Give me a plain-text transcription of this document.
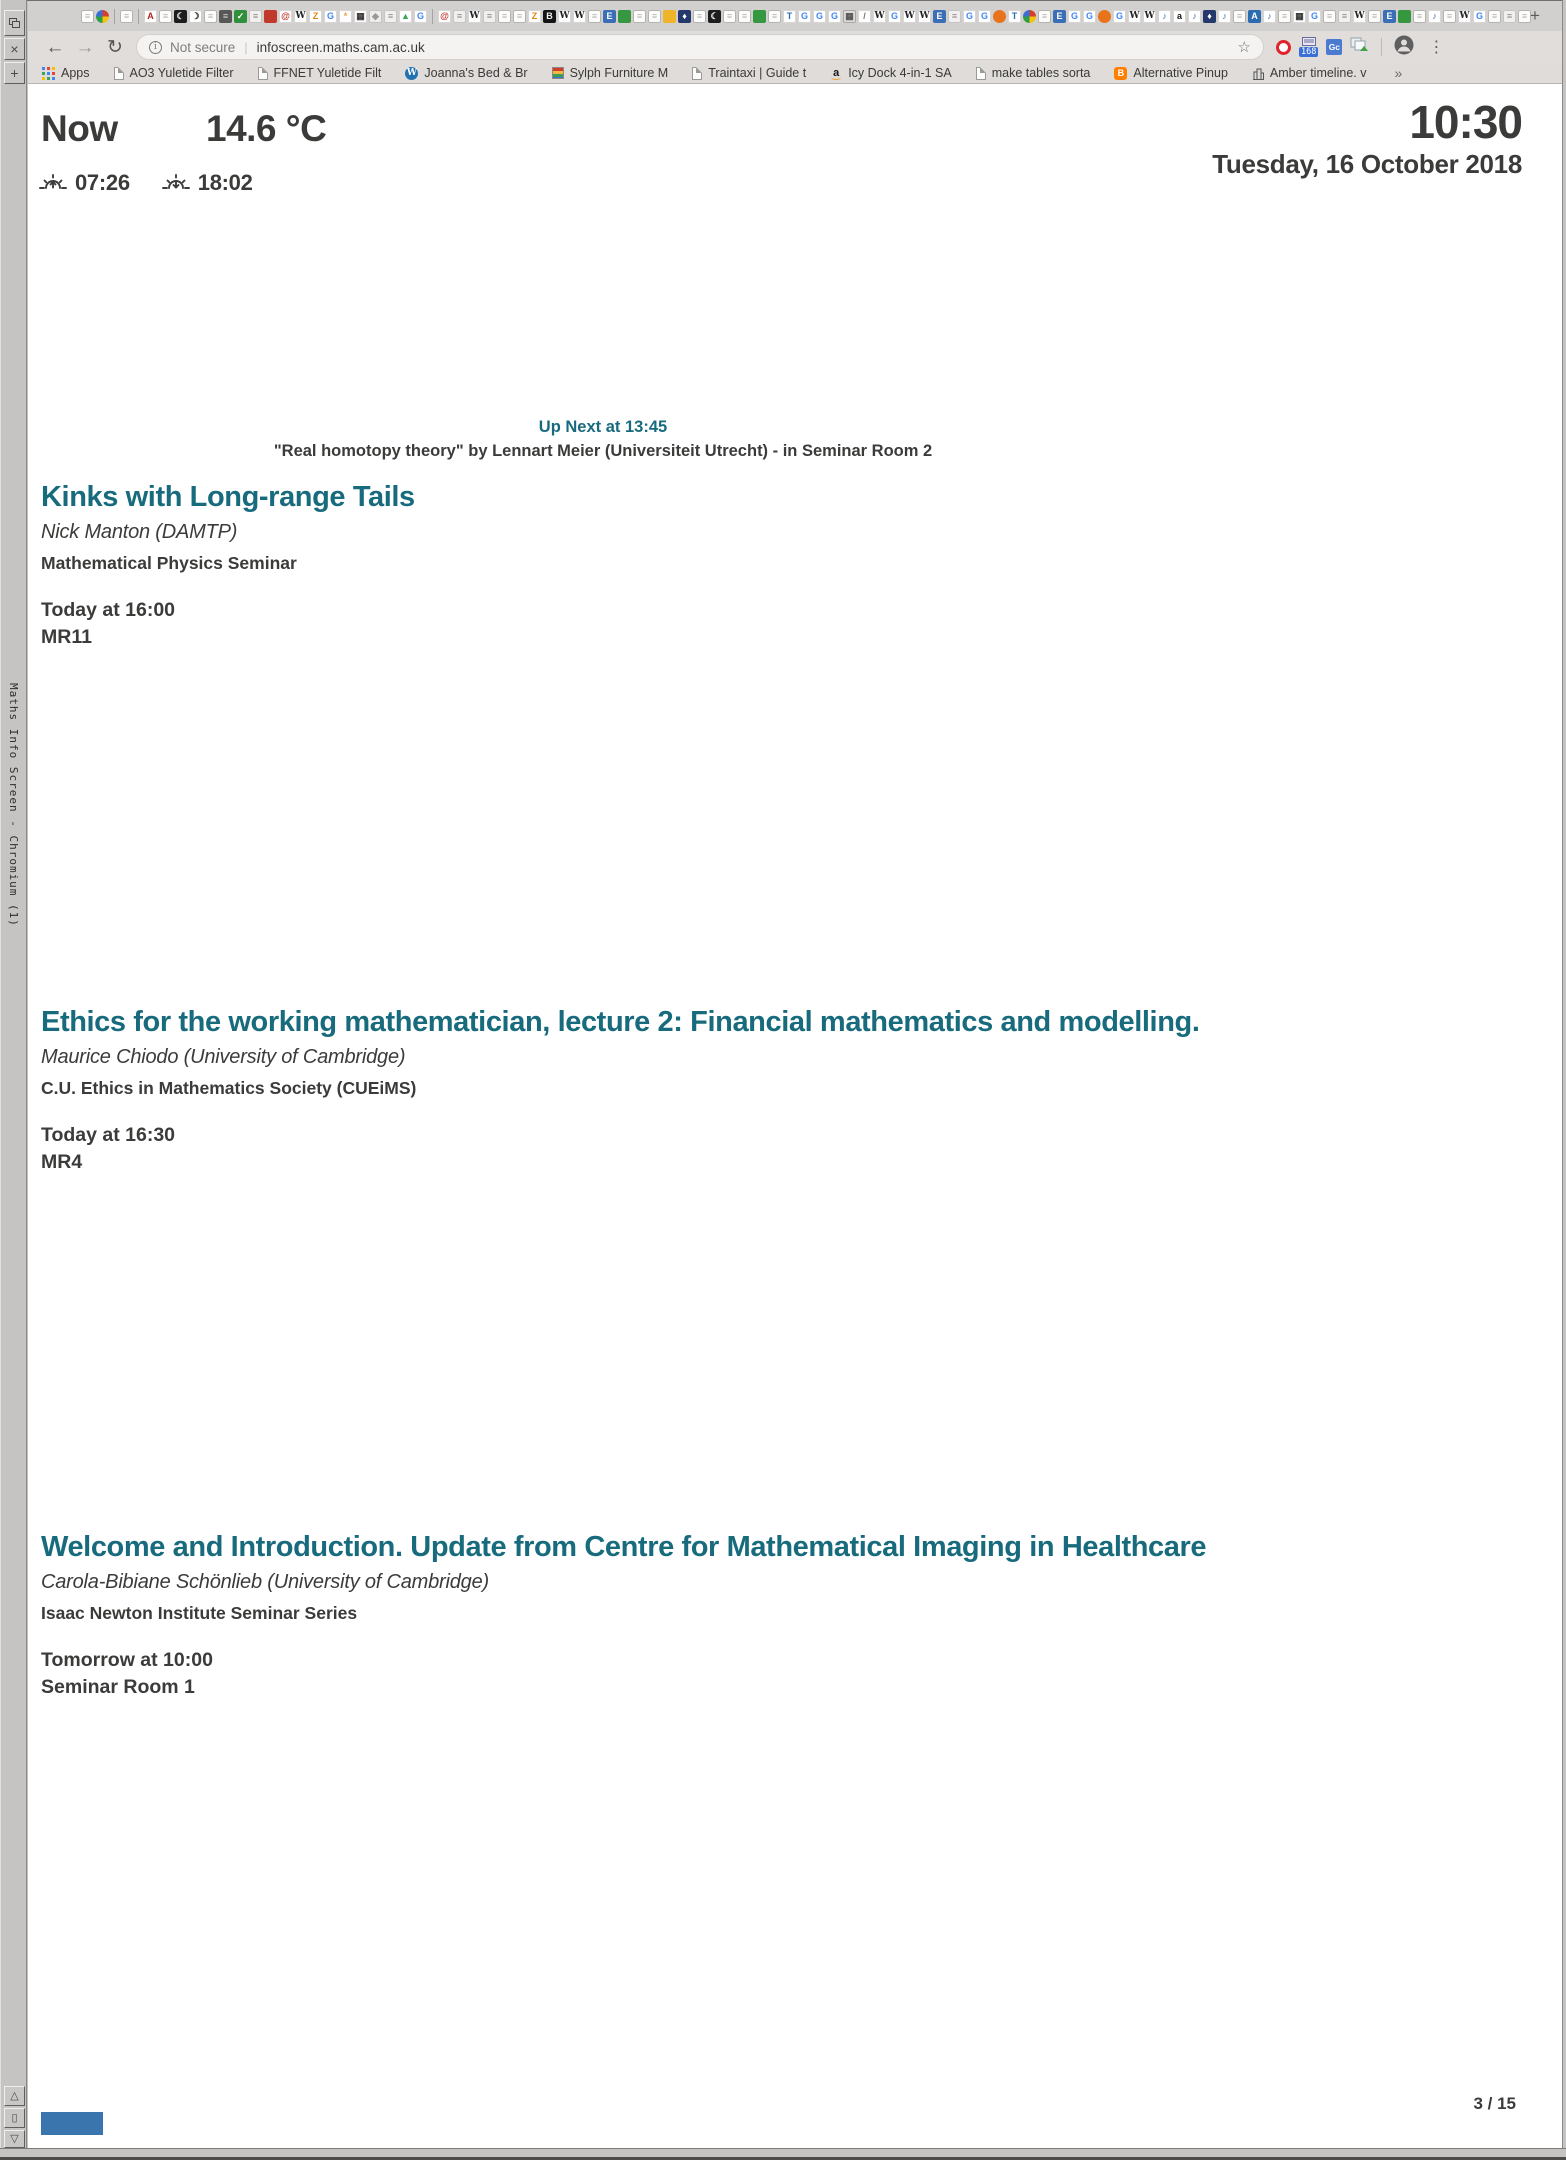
×
+
Maths Info Screen - Chromium (1)
△
▯
▽
≡	≡	A	≡ ☾ ☽ ≡	≡ ✓ ≡	@ W Z G	* ▦ ◆ ≡ ▲ G	@ ≡ W ≡	≡	≡	Z	B W W ≡	E	≡	≡	♦	≡ ☾ ≡	≡	≡	T G G G ▦	/ W G W W E	≡ G G	T	≡	E G G	G W W ♪	a	♪	♦	♪	≡	A	♪	≡ ▦ G ≡	≡ W ≡	E	≡	♪	≡ W G ≡	≡	≡ +
← → ↻	i Not secure | infoscreen.maths.cam.ac.uk	☆	168 Gc	⋮
Apps	AO3 Yuletide Filter	FFNET Yuletide Filt	W Joanna's Bed & Br	Sylph Furniture M	Traintaxi | Guide t a Icy Dock 4-in-1 SA	make tables sorta	B Alternative Pinup	Amber timeline. v »
Now 14.6 °C
07:26	18:02
10:30
Tuesday, 16 October 2018
Up Next at 13:45
"Real homotopy theory" by Lennart Meier (Universiteit Utrecht) - in Seminar Room 2
Kinks with Long-range Tails
Nick Manton (DAMTP)
Mathematical Physics Seminar
Today at 16:00
MR11
Ethics for the working mathematician, lecture 2: Financial mathematics and modelling.
Maurice Chiodo (University of Cambridge)
C.U. Ethics in Mathematics Society (CUEiMS)
Today at 16:30
MR4
Welcome and Introduction. Update from Centre for Mathematical Imaging in Healthcare
Carola-Bibiane Schönlieb (University of Cambridge)
Isaac Newton Institute Seminar Series
Tomorrow at 10:00
Seminar Room 1
3 / 15
